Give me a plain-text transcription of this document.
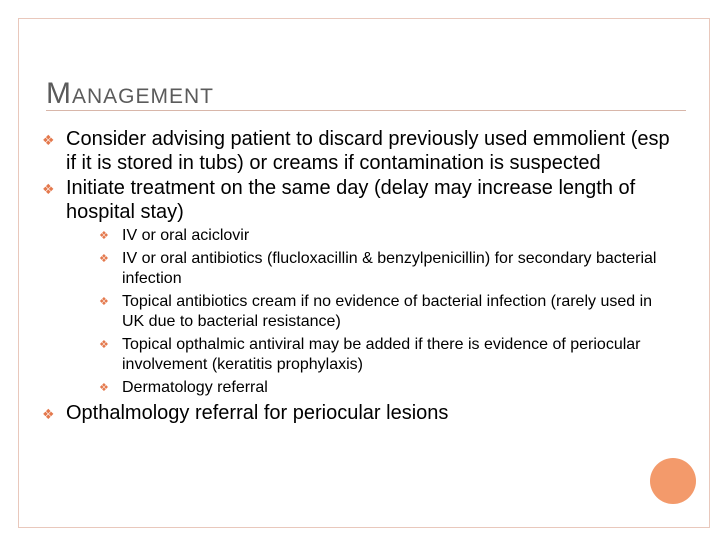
Management
❖ Consider advising patient to discard previously used emmolient (esp if it is stored in tubs) or creams if contamination is suspected
❖ Initiate treatment on the same day (delay may increase length of hospital stay)
❖ IV or oral aciclovir
❖ IV or oral antibiotics (flucloxacillin & benzylpenicillin) for secondary bacterial infection
❖ Topical antibiotics cream if no evidence of bacterial infection (rarely used in UK due to bacterial resistance)
❖ Topical opthalmic antiviral may be added if there is evidence of periocular involvement (keratitis prophylaxis)
❖ Dermatology referral
❖ Opthalmology referral for periocular lesions
